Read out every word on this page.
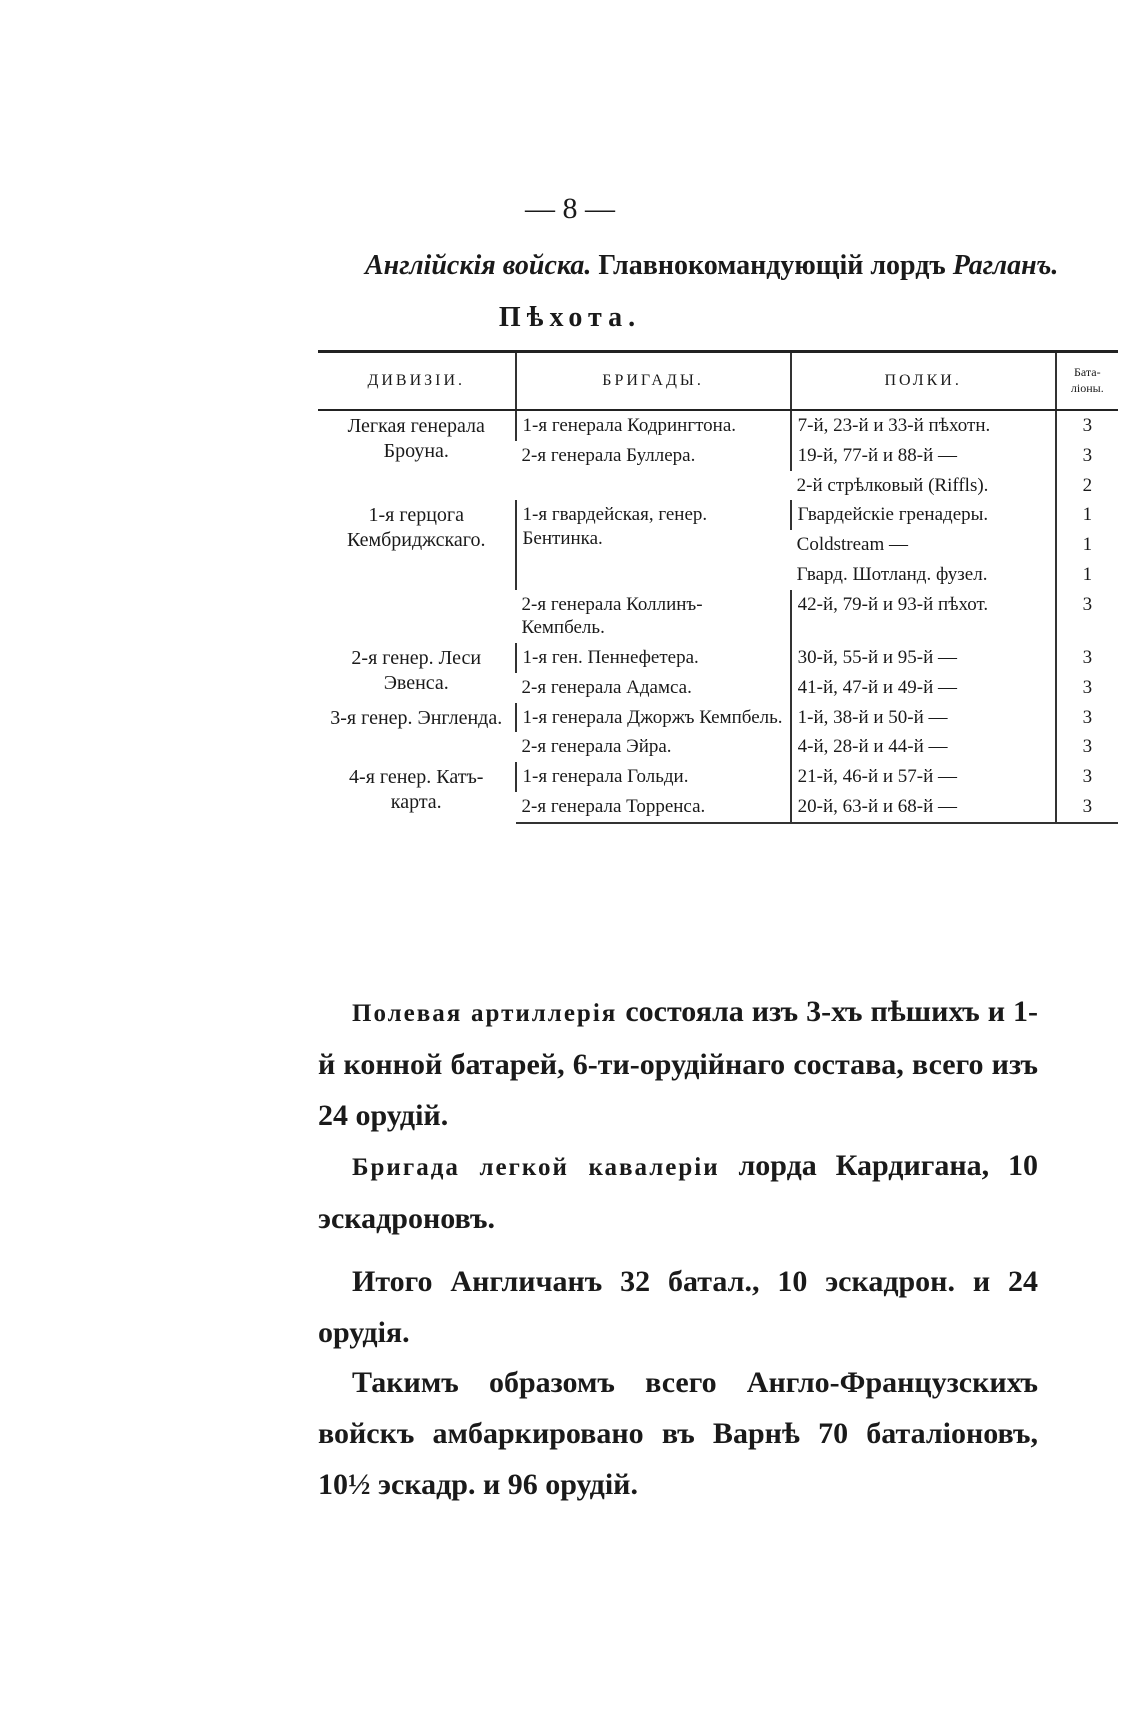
— 8 —
Англійскія войска. Главнокомандующій лордъ Рагланъ.
Пѣхота.
ДИВИЗІИ.	БРИГАДЫ.	ПОЛКИ.	Бата-
ліоны.
Легкая генерала Броуна.	1-я генерала Кодрингтона.	7-й, 23-й и 33-й пѣхотн.	3
	2-я генерала Буллера.	19-й, 77-й и 88-й —	3
		2-й стрѣлковый (Riffls).	2
1-я герцога Кембриджскаго.	1-я гвардейская, генер. Бентинка.	Гвардейскіе гренадеры.	1
		Coldstream —	1
		Гвард. Шотланд. фузел.	1
	2-я генерала Коллинъ-Кемпбель.	42-й, 79-й и 93-й пѣхот.	3
2-я генер. Леси Эвенса.	1-я ген. Пеннефетера.	30-й, 55-й и 95-й —	3
	2-я генерала Адамса.	41-й, 47-й и 49-й —	3
3-я генер. Энгленда.	1-я генерала Джоржъ Кемпбель.	1-й, 38-й и 50-й —	3
	2-я генерала Эйра.	4-й, 28-й и 44-й —	3
4-я генер. Катъ-карта.	1-я генерала Гольди.	21-й, 46-й и 57-й —	3
	2-я генерала Торренса.	20-й, 63-й и 68-й —	3

Полевая артиллерія состояла изъ 3-хъ пѣшихъ и 1-й конной батарей, 6-ти-орудійнаго состава, всего изъ 24 орудій.

Бригада легкой кавалеріи лорда Кардигана, 10 эскадроновъ.

Итого Англичанъ 32 батал., 10 эскадрон. и 24 орудія.

Такимъ образомъ всего Англо-Французскихъ войскъ амбаркировано въ Варнѣ 70 баталіоновъ, 10½ эскадр. и 96 орудій.
